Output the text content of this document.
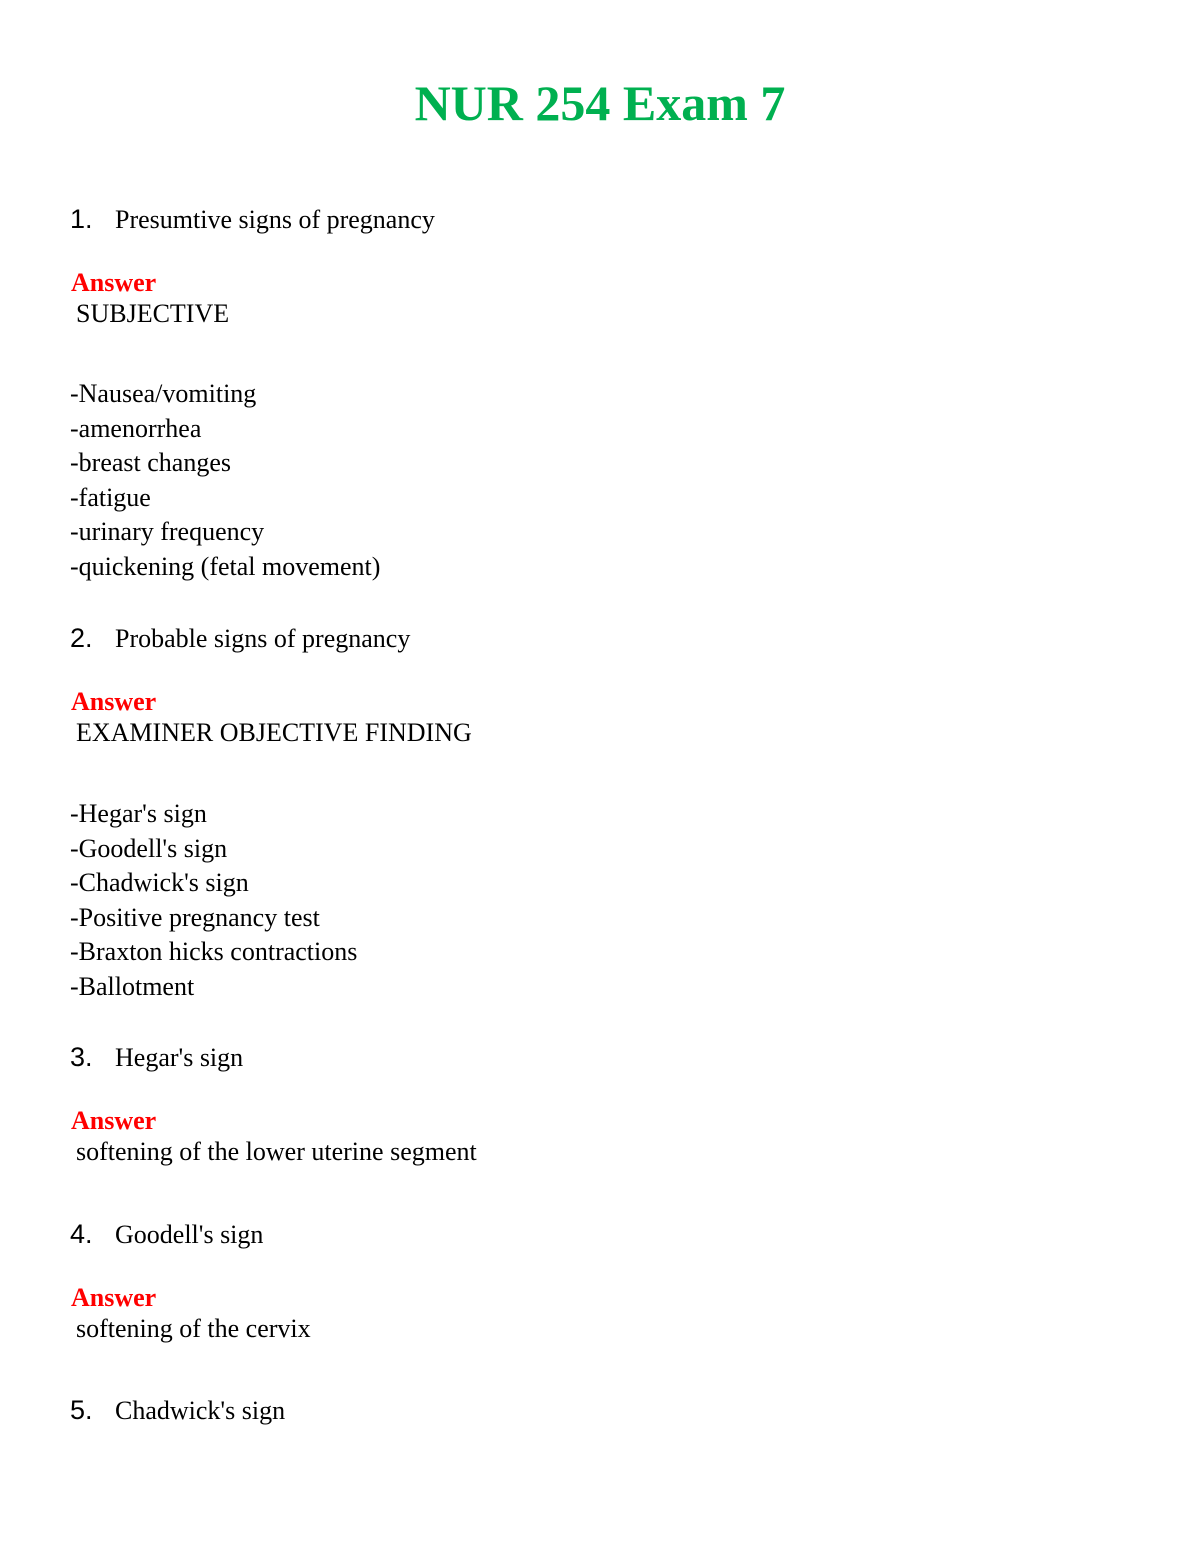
NUR 254 Exam 7
1. Presumtive signs of pregnancy
Answer
SUBJECTIVE
-Nausea/vomiting
-amenorrhea
-breast changes
-fatigue
-urinary frequency
-quickening (fetal movement)
2. Probable signs of pregnancy
Answer
EXAMINER OBJECTIVE FINDING
-Hegar's sign
-Goodell's sign
-Chadwick's sign
-Positive pregnancy test
-Braxton hicks contractions
-Ballotment
3. Hegar's sign
Answer
softening of the lower uterine segment
4. Goodell's sign
Answer
softening of the cervix
5. Chadwick's sign
